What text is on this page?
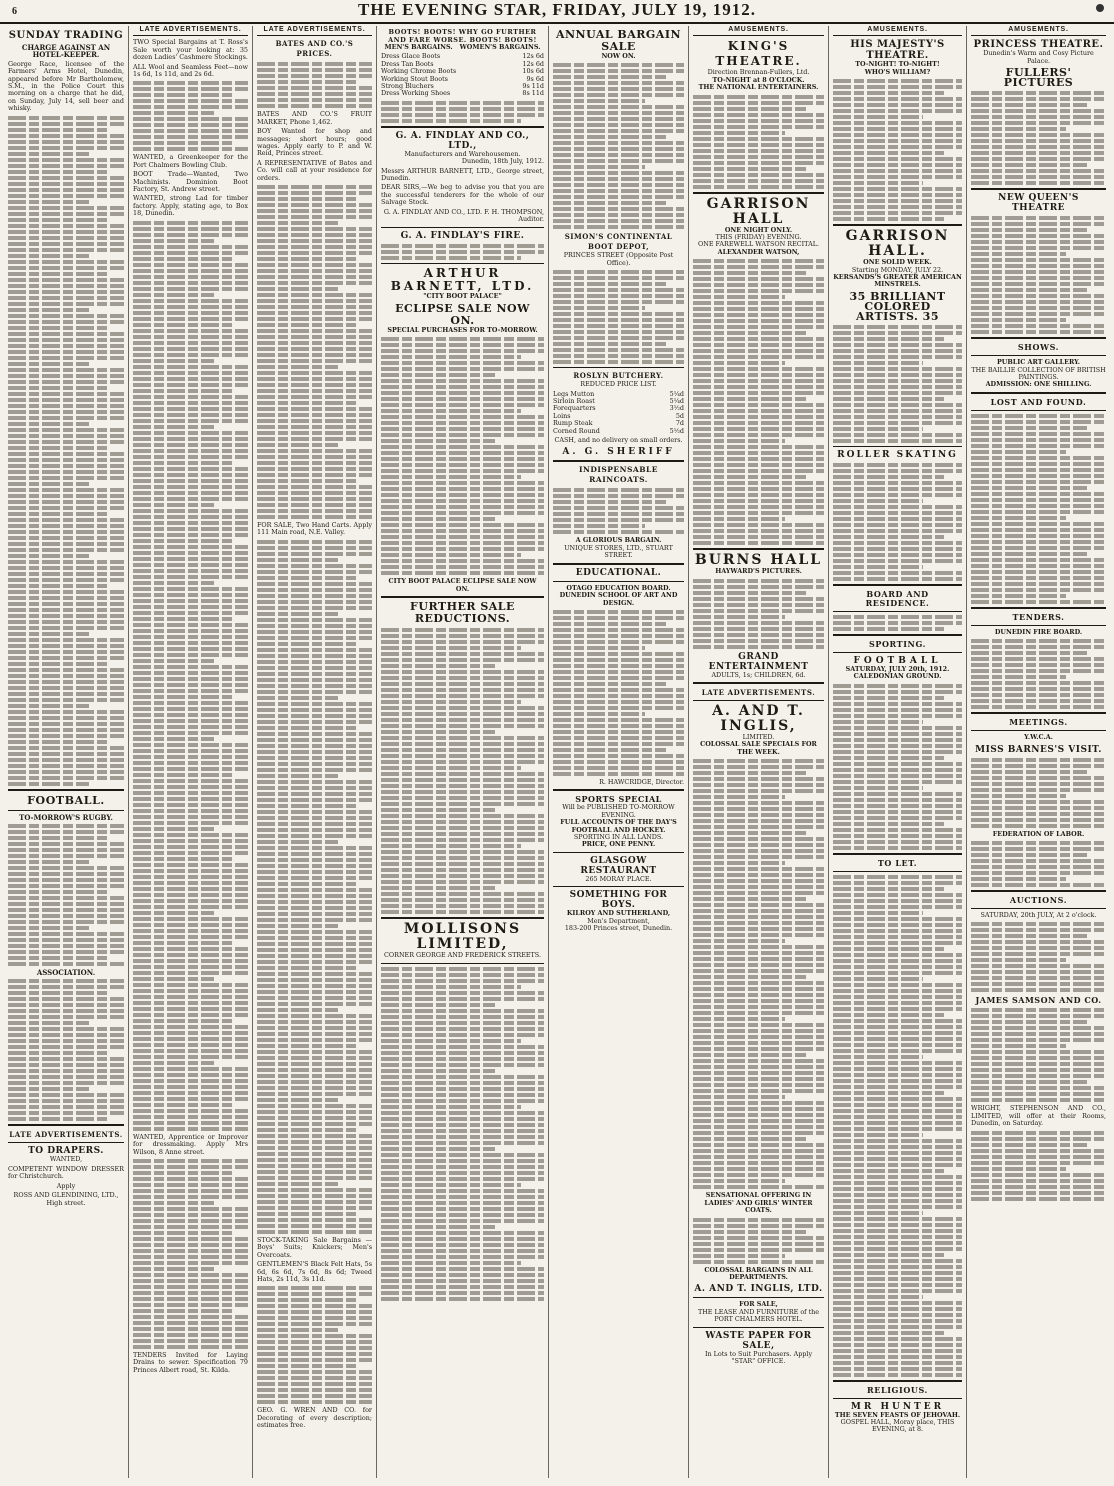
6	THE EVENING STAR, FRIDAY, JULY 19, 1912.
SUNDAY TRADING
CHARGE AGAINST AN HOTEL-KEEPER.
George Race, licensee of the Farmers' Arms Hotel, Dunedin, appeared before Mr Bartholomew, S.M., in the Police Court this morning on a charge that he did, on Sunday, July 14, sell beer and whisky.
FOOTBALL.
TO-MORROW'S RUGBY.
ASSOCIATION.
LATE ADVERTISEMENTS.
TO DRAPERS.
WANTED,
COMPETENT WINDOW DRESSER for Christchurch.
Apply
ROSS AND GLENDINING, LTD., High street.
LATE ADVERTISEMENTS.
TWO Special Bargains at T. Ross's Sale worth your looking at: 35 dozen Ladies' Cashmere Stockings.
ALL Wool and Seamless Feet—now 1s 6d, 1s 11d, and 2s 6d.
WANTED, a Greenkeeper for the Port Chalmers Bowling Club.
BOOT Trade—Wanted, Two Machinists. Dominion Boot Factory, St. Andrew street.
WANTED, strong Lad for timber factory. Apply, stating age, to Box 18, Dunedin.
WANTED, Apprentice or Improver for dressmaking. Apply Mrs Wilson, 8 Anne street.
TENDERS Invited for Laying Drains to sewer. Specification 79 Princes Albert road, St. Kilda.
LATE ADVERTISEMENTS.
BATES AND CO.'S PRICES.
BATES AND CO.'S FRUIT MARKET, Phone 1,462.
BOY Wanted for shop and messages; short hours; good wages. Apply early to P. and W. Reid, Princes street.
A REPRESENTATIVE of Bates and Co. will call at your residence for orders.
FOR SALE, Two Hand Carts. Apply 111 Main road, N.E. Valley.
STOCK-TAKING Sale Bargains — Boys' Suits; Knickers; Men's Overcoats.
GENTLEMEN'S Black Felt Hats, 5s 6d, 6s 6d, 7s 6d, 8s 6d; Tweed Hats, 2s 11d, 3s 11d.
GEO. G. WREN AND CO. for Decorating of every description; estimates free.
BOOTS! BOOTS! WHY GO FURTHER AND FARE WORSE. BOOTS! BOOTS!
MEN'S BARGAINS. WOMEN'S BARGAINS.
Dress Glace Boots	12s 6d
Dress Tan Boots	12s 6d
Working Chrome Boots	10s 6d
Working Stout Boots	9s 6d
Strong Bluchers	9s 11d
Dress Working Shoes	8s 11d
G. A. FINDLAY AND CO., LTD.,
Manufacturers and Warehousemen.
Dunedin, 18th July, 1912.
Messrs ARTHUR BARNETT, LTD., George street, Dunedin.
DEAR SIRS,—We beg to advise you that you are the successful tenderers for the whole of our Salvage Stock.
G. A. FINDLAY AND CO., LTD. F. H. THOMPSON, Auditor.
G. A. FINDLAY'S FIRE.
ARTHUR BARNETT, LTD.
"CITY BOOT PALACE"
ECLIPSE SALE NOW ON.
SPECIAL PURCHASES FOR TO-MORROW.
CITY BOOT PALACE ECLIPSE SALE NOW ON.
FURTHER SALE REDUCTIONS.
MOLLISONS LIMITED,
CORNER GEORGE AND FREDERICK STREETS.
ANNUAL BARGAIN SALE
NOW ON.
SIMON'S CONTINENTAL BOOT DEPOT,
PRINCES STREET (Opposite Post Office).
ROSLYN BUTCHERY.
REDUCED PRICE LIST.
Legs Mutton	5¼d
Sirloin Roast	5¼d
Forequarters	3½d
Loins	5d
Rump Steak	7d
Corned Round	5½d
CASH, and no delivery on small orders.
A. G. SHERIFF
INDISPENSABLE RAINCOATS.
A GLORIOUS BARGAIN.
UNIQUE STORES, LTD., STUART STREET.
EDUCATIONAL.
OTAGO EDUCATION BOARD.
DUNEDIN SCHOOL OF ART AND DESIGN.
R. HAWCRIDGE, Director.
SPORTS SPECIAL
Will be PUBLISHED TO-MORROW EVENING.
FULL ACCOUNTS OF THE DAY'S FOOTBALL AND HOCKEY.
SPORTING IN ALL LANDS.
PRICE, ONE PENNY.
GLASGOW RESTAURANT
265 MORAY PLACE.
SOMETHING FOR BOYS.
KILROY AND SUTHERLAND,
Men's Department,
183-200 Princes street, Dunedin.
AMUSEMENTS.
KING'S THEATRE.
Direction Brennan-Fullers, Ltd.
TO-NIGHT at 8 O'CLOCK.
THE NATIONAL ENTERTAINERS.
GARRISON HALL
ONE NIGHT ONLY.
THIS (FRIDAY) EVENING.
ONE FAREWELL WATSON RECITAL.
ALEXANDER WATSON,
BURNS HALL
HAYWARD'S PICTURES.
GRAND ENTERTAINMENT
ADULTS, 1s; CHILDREN, 6d.
LATE ADVERTISEMENTS.
A. AND T. INGLIS,
LIMITED.
COLOSSAL SALE SPECIALS FOR THE WEEK.
SENSATIONAL OFFERING IN LADIES' AND GIRLS' WINTER COATS.
COLOSSAL BARGAINS IN ALL DEPARTMENTS.
A. AND T. INGLIS, LTD.
FOR SALE,
THE LEASE AND FURNITURE of the PORT CHALMERS HOTEL.
WASTE PAPER FOR SALE,
In Lots to Suit Purchasers. Apply "STAR" OFFICE.
AMUSEMENTS.
HIS MAJESTY'S THEATRE.
TO-NIGHT! TO-NIGHT!
WHO'S WILLIAM?
GARRISON HALL.
ONE SOLID WEEK.
Starting MONDAY, JULY 22.
KERSANDS'S GREATER AMERICAN MINSTRELS.
35 BRILLIANT COLORED ARTISTS. 35
ROLLER SKATING
BOARD AND RESIDENCE.
SPORTING.
FOOTBALL
SATURDAY, JULY 20th, 1912.
CALEDONIAN GROUND.
TO LET.
RELIGIOUS.
MR HUNTER
THE SEVEN FEASTS OF JEHOVAH.
GOSPEL HALL, Moray place, THIS EVENING, at 8.
AMUSEMENTS.
PRINCESS THEATRE.
Dunedin's Warm and Cosy Picture Palace.
FULLERS' PICTURES
NEW QUEEN'S THEATRE
SHOWS.
PUBLIC ART GALLERY.
THE BAILLIE COLLECTION OF BRITISH PAINTINGS.
ADMISSION: ONE SHILLING.
LOST AND FOUND.
TENDERS.
DUNEDIN FIRE BOARD.
MEETINGS.
Y.W.C.A.
MISS BARNES'S VISIT.
FEDERATION OF LABOR.
AUCTIONS.
SATURDAY, 20th JULY, At 2 o'clock.
JAMES SAMSON AND CO.
WRIGHT, STEPHENSON AND CO., LIMITED, will offer at their Rooms, Dunedin, on Saturday.
